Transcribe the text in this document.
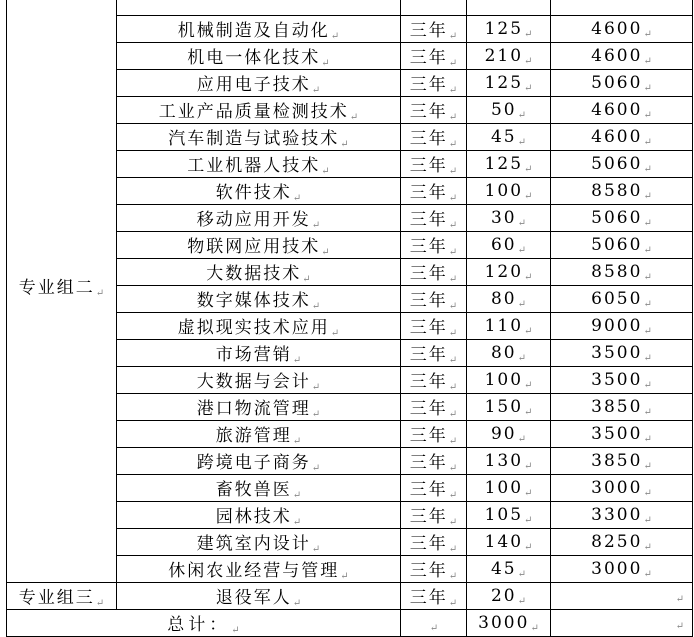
专业组二↵				
	机械制造及自动化↵	三年↵	125↵	4600↵
	机电一体化技术↵	三年↵	210↵	4600↵
	应用电子技术↵	三年↵	125↵	5060↵
	工业产品质量检测技术↵	三年↵	50↵	4600↵
	汽车制造与试验技术↵	三年↵	45↵	4600↵
	工业机器人技术↵	三年↵	125↵	5060↵
	软件技术↵	三年↵	100↵	8580↵
	移动应用开发↵	三年↵	30↵	5060↵
	物联网应用技术↵	三年↵	60↵	5060↵
	大数据技术↵	三年↵	120↵	8580↵
	数字媒体技术↵	三年↵	80↵	6050↵
	虚拟现实技术应用↵	三年↵	110↵	9000↵
	市场营销↵	三年↵	80↵	3500↵
	大数据与会计↵	三年↵	100↵	3500↵
	港口物流管理↵	三年↵	150↵	3850↵
	旅游管理↵	三年↵	90↵	3500↵
	跨境电子商务↵	三年↵	130↵	3850↵
	畜牧兽医↵	三年↵	100↵	3000↵
	园林技术↵	三年↵	105↵	3300↵
	建筑室内设计↵	三年↵	140↵	8250↵
	休闲农业经营与管理↵	三年↵	45↵	3000↵
专业组三↵	退役军人↵	三年↵	20↵	↵

总计：↵		↵	3000↵	↵
